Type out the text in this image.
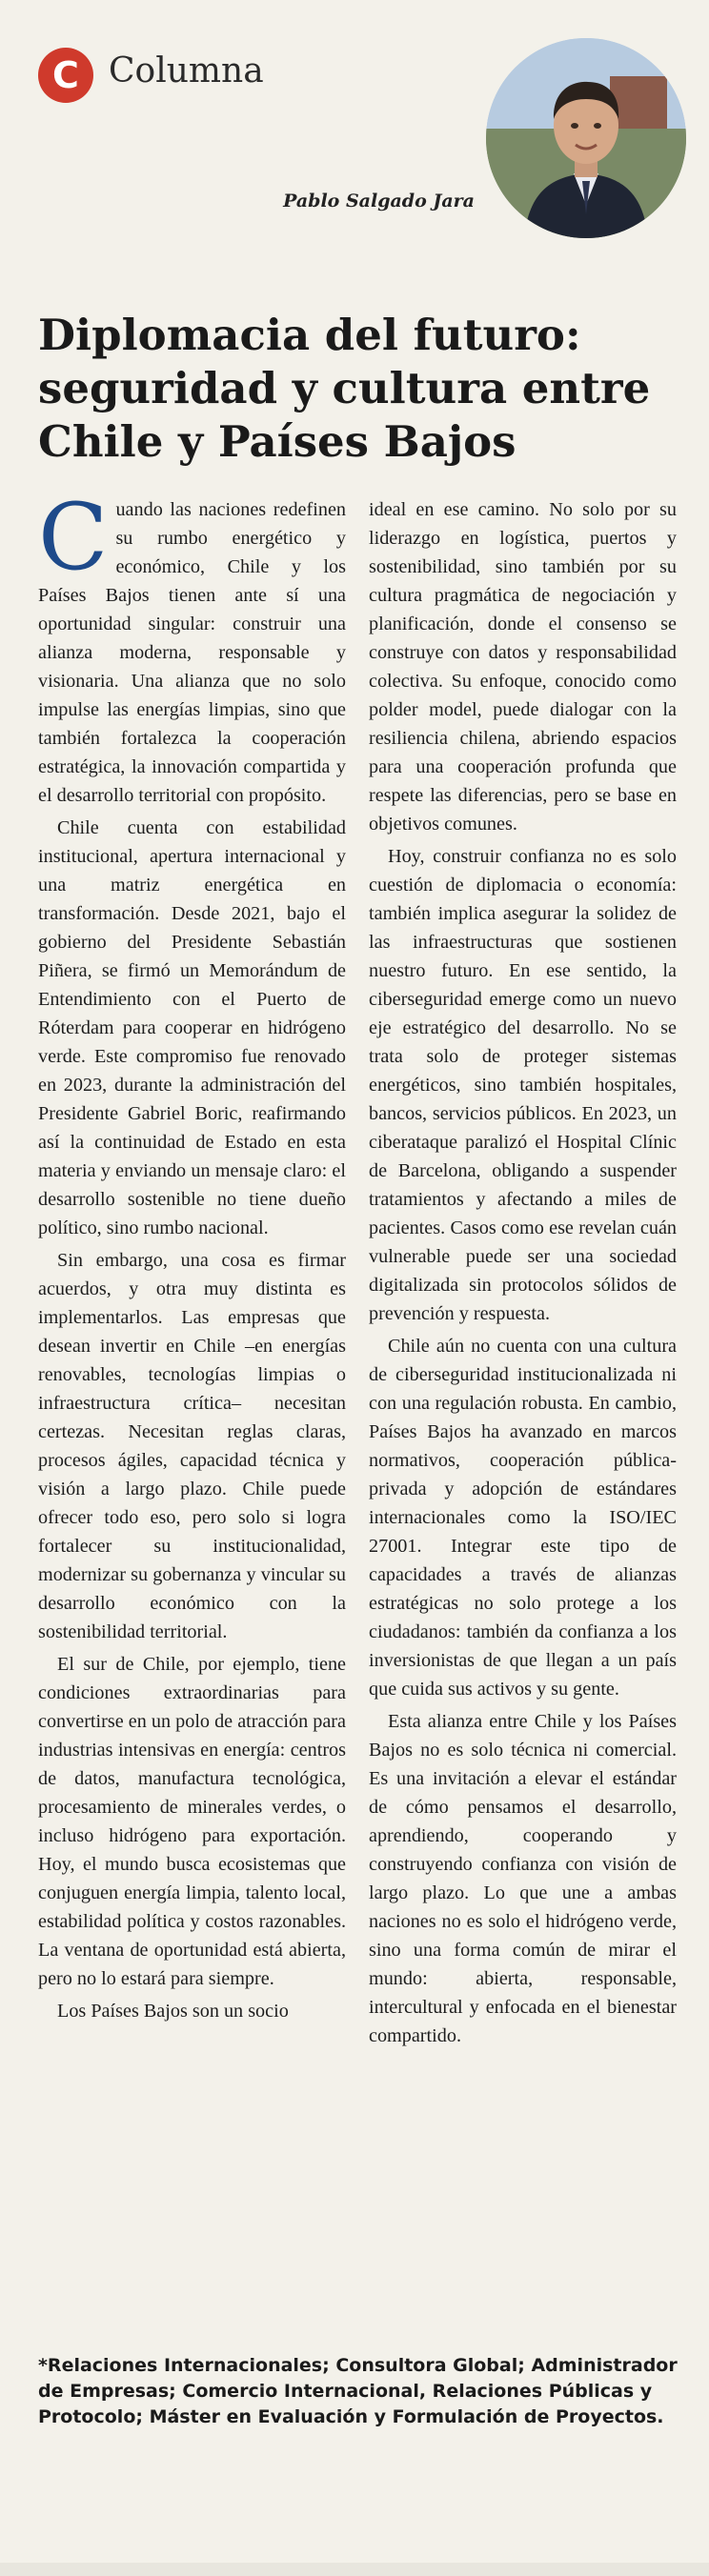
C Columna
Pablo Salgado Jara
Diplomacia del futuro:
seguridad y cultura entre
Chile y Países Bajos

Cuando las naciones redefinen su rumbo energético y económico, Chile y los Países Bajos tienen ante sí una oportunidad singular: construir una alianza moderna, responsable y visionaria. Una alianza que no solo impulse las energías limpias, sino que también fortalezca la cooperación estratégica, la innovación compartida y el desarrollo territorial con propósito.

Chile cuenta con estabilidad institucional, apertura internacional y una matriz energética en transformación. Desde 2021, bajo el gobierno del Presidente Sebastián Piñera, se firmó un Memorándum de Entendimiento con el Puerto de Róterdam para cooperar en hidrógeno verde. Este compromiso fue renovado en 2023, durante la administración del Presidente Gabriel Boric, reafirmando así la continuidad de Estado en esta materia y enviando un mensaje claro: el desarrollo sostenible no tiene dueño político, sino rumbo nacional.

Sin embargo, una cosa es firmar acuerdos, y otra muy distinta es implementarlos. Las empresas que desean invertir en Chile –en energías renovables, tecnologías limpias o infraestructura crítica– necesitan certezas. Necesitan reglas claras, procesos ágiles, capacidad técnica y visión a largo plazo. Chile puede ofrecer todo eso, pero solo si logra fortalecer su institucionalidad, modernizar su gobernanza y vincular su desarrollo económico con la sostenibilidad territorial.

El sur de Chile, por ejemplo, tiene condiciones extraordinarias para convertirse en un polo de atracción para industrias intensivas en energía: centros de datos, manufactura tecnológica, procesamiento de minerales verdes, o incluso hidrógeno para exportación. Hoy, el mundo busca ecosistemas que conjuguen energía limpia, talento local, estabilidad política y costos razonables. La ventana de oportunidad está abierta, pero no lo estará para siempre.

Los Países Bajos son un socio

ideal en ese camino. No solo por su liderazgo en logística, puertos y sostenibilidad, sino también por su cultura pragmática de negociación y planificación, donde el consenso se construye con datos y responsabilidad colectiva. Su enfoque, conocido como polder model, puede dialogar con la resiliencia chilena, abriendo espacios para una cooperación profunda que respete las diferencias, pero se base en objetivos comunes.

Hoy, construir confianza no es solo cuestión de diplomacia o economía: también implica asegurar la solidez de las infraestructuras que sostienen nuestro futuro. En ese sentido, la ciberseguridad emerge como un nuevo eje estratégico del desarrollo. No se trata solo de proteger sistemas energéticos, sino también hospitales, bancos, servicios públicos. En 2023, un ciberataque paralizó el Hospital Clínic de Barcelona, obligando a suspender tratamientos y afectando a miles de pacientes. Casos como ese revelan cuán vulnerable puede ser una sociedad digitalizada sin protocolos sólidos de prevención y respuesta.

Chile aún no cuenta con una cultura de ciberseguridad institucionalizada ni con una regulación robusta. En cambio, Países Bajos ha avanzado en marcos normativos, cooperación pública-privada y adopción de estándares internacionales como la ISO/IEC 27001. Integrar este tipo de capacidades a través de alianzas estratégicas no solo protege a los ciudadanos: también da confianza a los inversionistas de que llegan a un país que cuida sus activos y su gente.

Esta alianza entre Chile y los Países Bajos no es solo técnica ni comercial. Es una invitación a elevar el estándar de cómo pensamos el desarrollo, aprendiendo, cooperando y construyendo confianza con visión de largo plazo. Lo que une a ambas naciones no es solo el hidrógeno verde, sino una forma común de mirar el mundo: abierta, responsable, intercultural y enfocada en el bienestar compartido.

*Relaciones Internacionales; Consultora Global; Administrador de Empresas; Comercio Internacional, Relaciones Públicas y Protocolo; Máster en Evaluación y Formulación de Proyectos.
